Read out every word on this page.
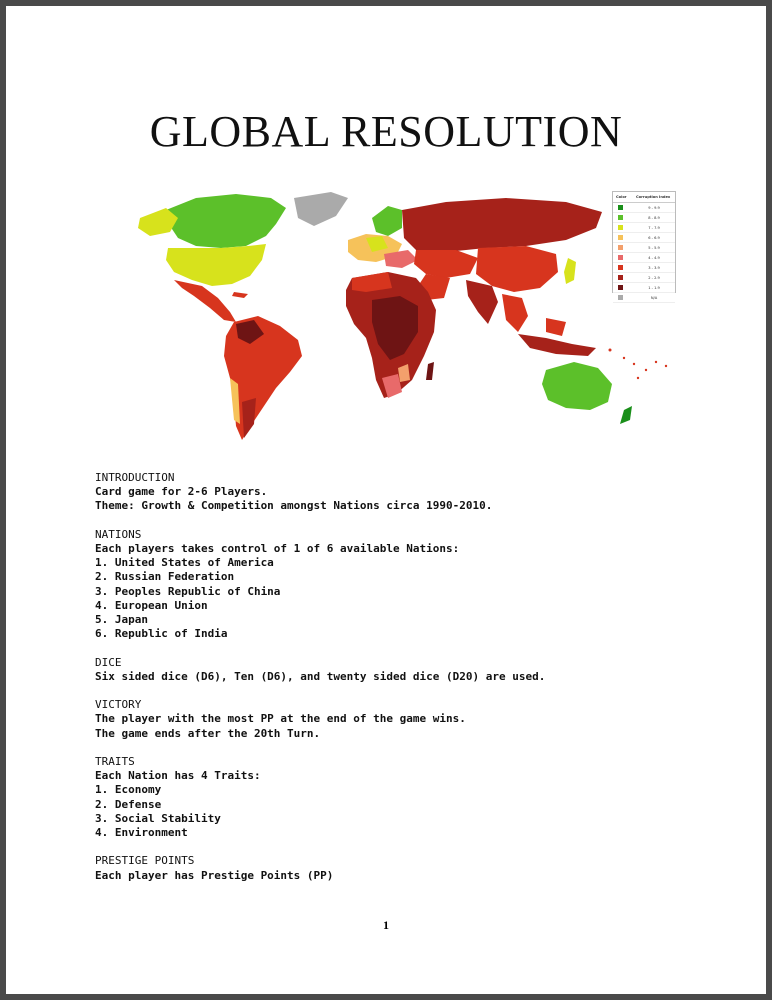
GLOBAL RESOLUTION
Color	Corruption Index
9 - 9.9
8 - 8.9
7 - 7.9
6 - 6.9
5 - 5.9
4 - 4.9
3 - 3.9
2 - 2.9
1 - 1.9
N/A
INTRODUCTION
Card game for 2-6 Players.
Theme: Growth & Competition amongst Nations circa 1990-2010.
NATIONS
Each players takes control of 1 of 6 available Nations:
1. United States of America
2. Russian Federation
3. Peoples Republic of China
4. European Union
5. Japan
6. Republic of India
DICE
Six sided dice (D6), Ten (D6), and twenty sided dice (D20) are used.
VICTORY
The player with the most PP at the end of the game wins.
The game ends after the 20th Turn.
TRAITS
Each Nation has 4 Traits:
1. Economy
2. Defense
3. Social Stability
4. Environment
PRESTIGE POINTS
Each player has Prestige Points (PP)
1
